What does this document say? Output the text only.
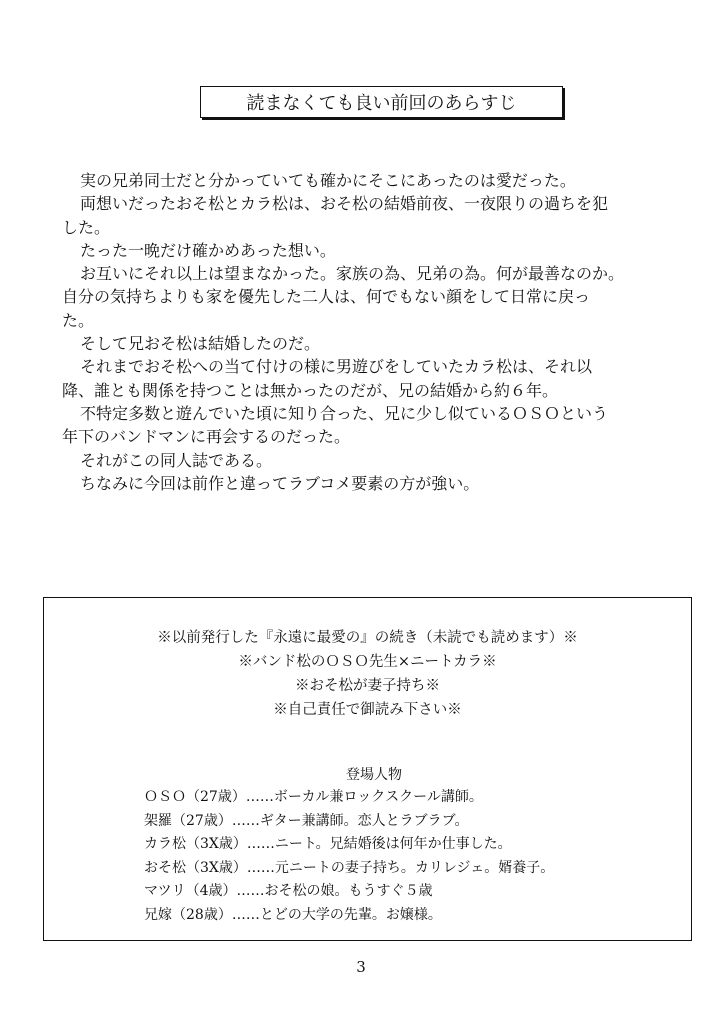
読まなくても良い前回のあらすじ
実の兄弟同士だと分かっていても確かにそこにあったのは愛だった。
両想いだったおそ松とカラ松は、おそ松の結婚前夜、一夜限りの過ちを犯
した。
たった一晩だけ確かめあった想い。
お互いにそれ以上は望まなかった。家族の為、兄弟の為。何が最善なのか。
自分の気持ちよりも家を優先した二人は、何でもない顔をして日常に戻っ
た。
そして兄おそ松は結婚したのだ。
それまでおそ松への当て付けの様に男遊びをしていたカラ松は、それ以
降、誰とも関係を持つことは無かったのだが、兄の結婚から約６年。
不特定多数と遊んでいた頃に知り合った、兄に少し似ているＯＳＯという
年下のバンドマンに再会するのだった。
それがこの同人誌である。
ちなみに今回は前作と違ってラブコメ要素の方が強い。
※以前発行した『永遠に最愛の』の続き（未読でも読めます）※
※バンド松のＯＳＯ先生×ニートカラ※
※おそ松が妻子持ち※
※自己責任で御読み下さい※
登場人物
ＯＳＯ（27歳）……ボーカル兼ロックスクール講師。
架羅（27歳）……ギター兼講師。恋人とラブラブ。
カラ松（3X歳）……ニート。兄結婚後は何年か仕事した。
おそ松（3X歳）……元ニートの妻子持ち。カリレジェ。婿養子。
マツリ（4歳）……おそ松の娘。もうすぐ５歳
兄嫁（28歳）……とどの大学の先輩。お嬢様。
3
